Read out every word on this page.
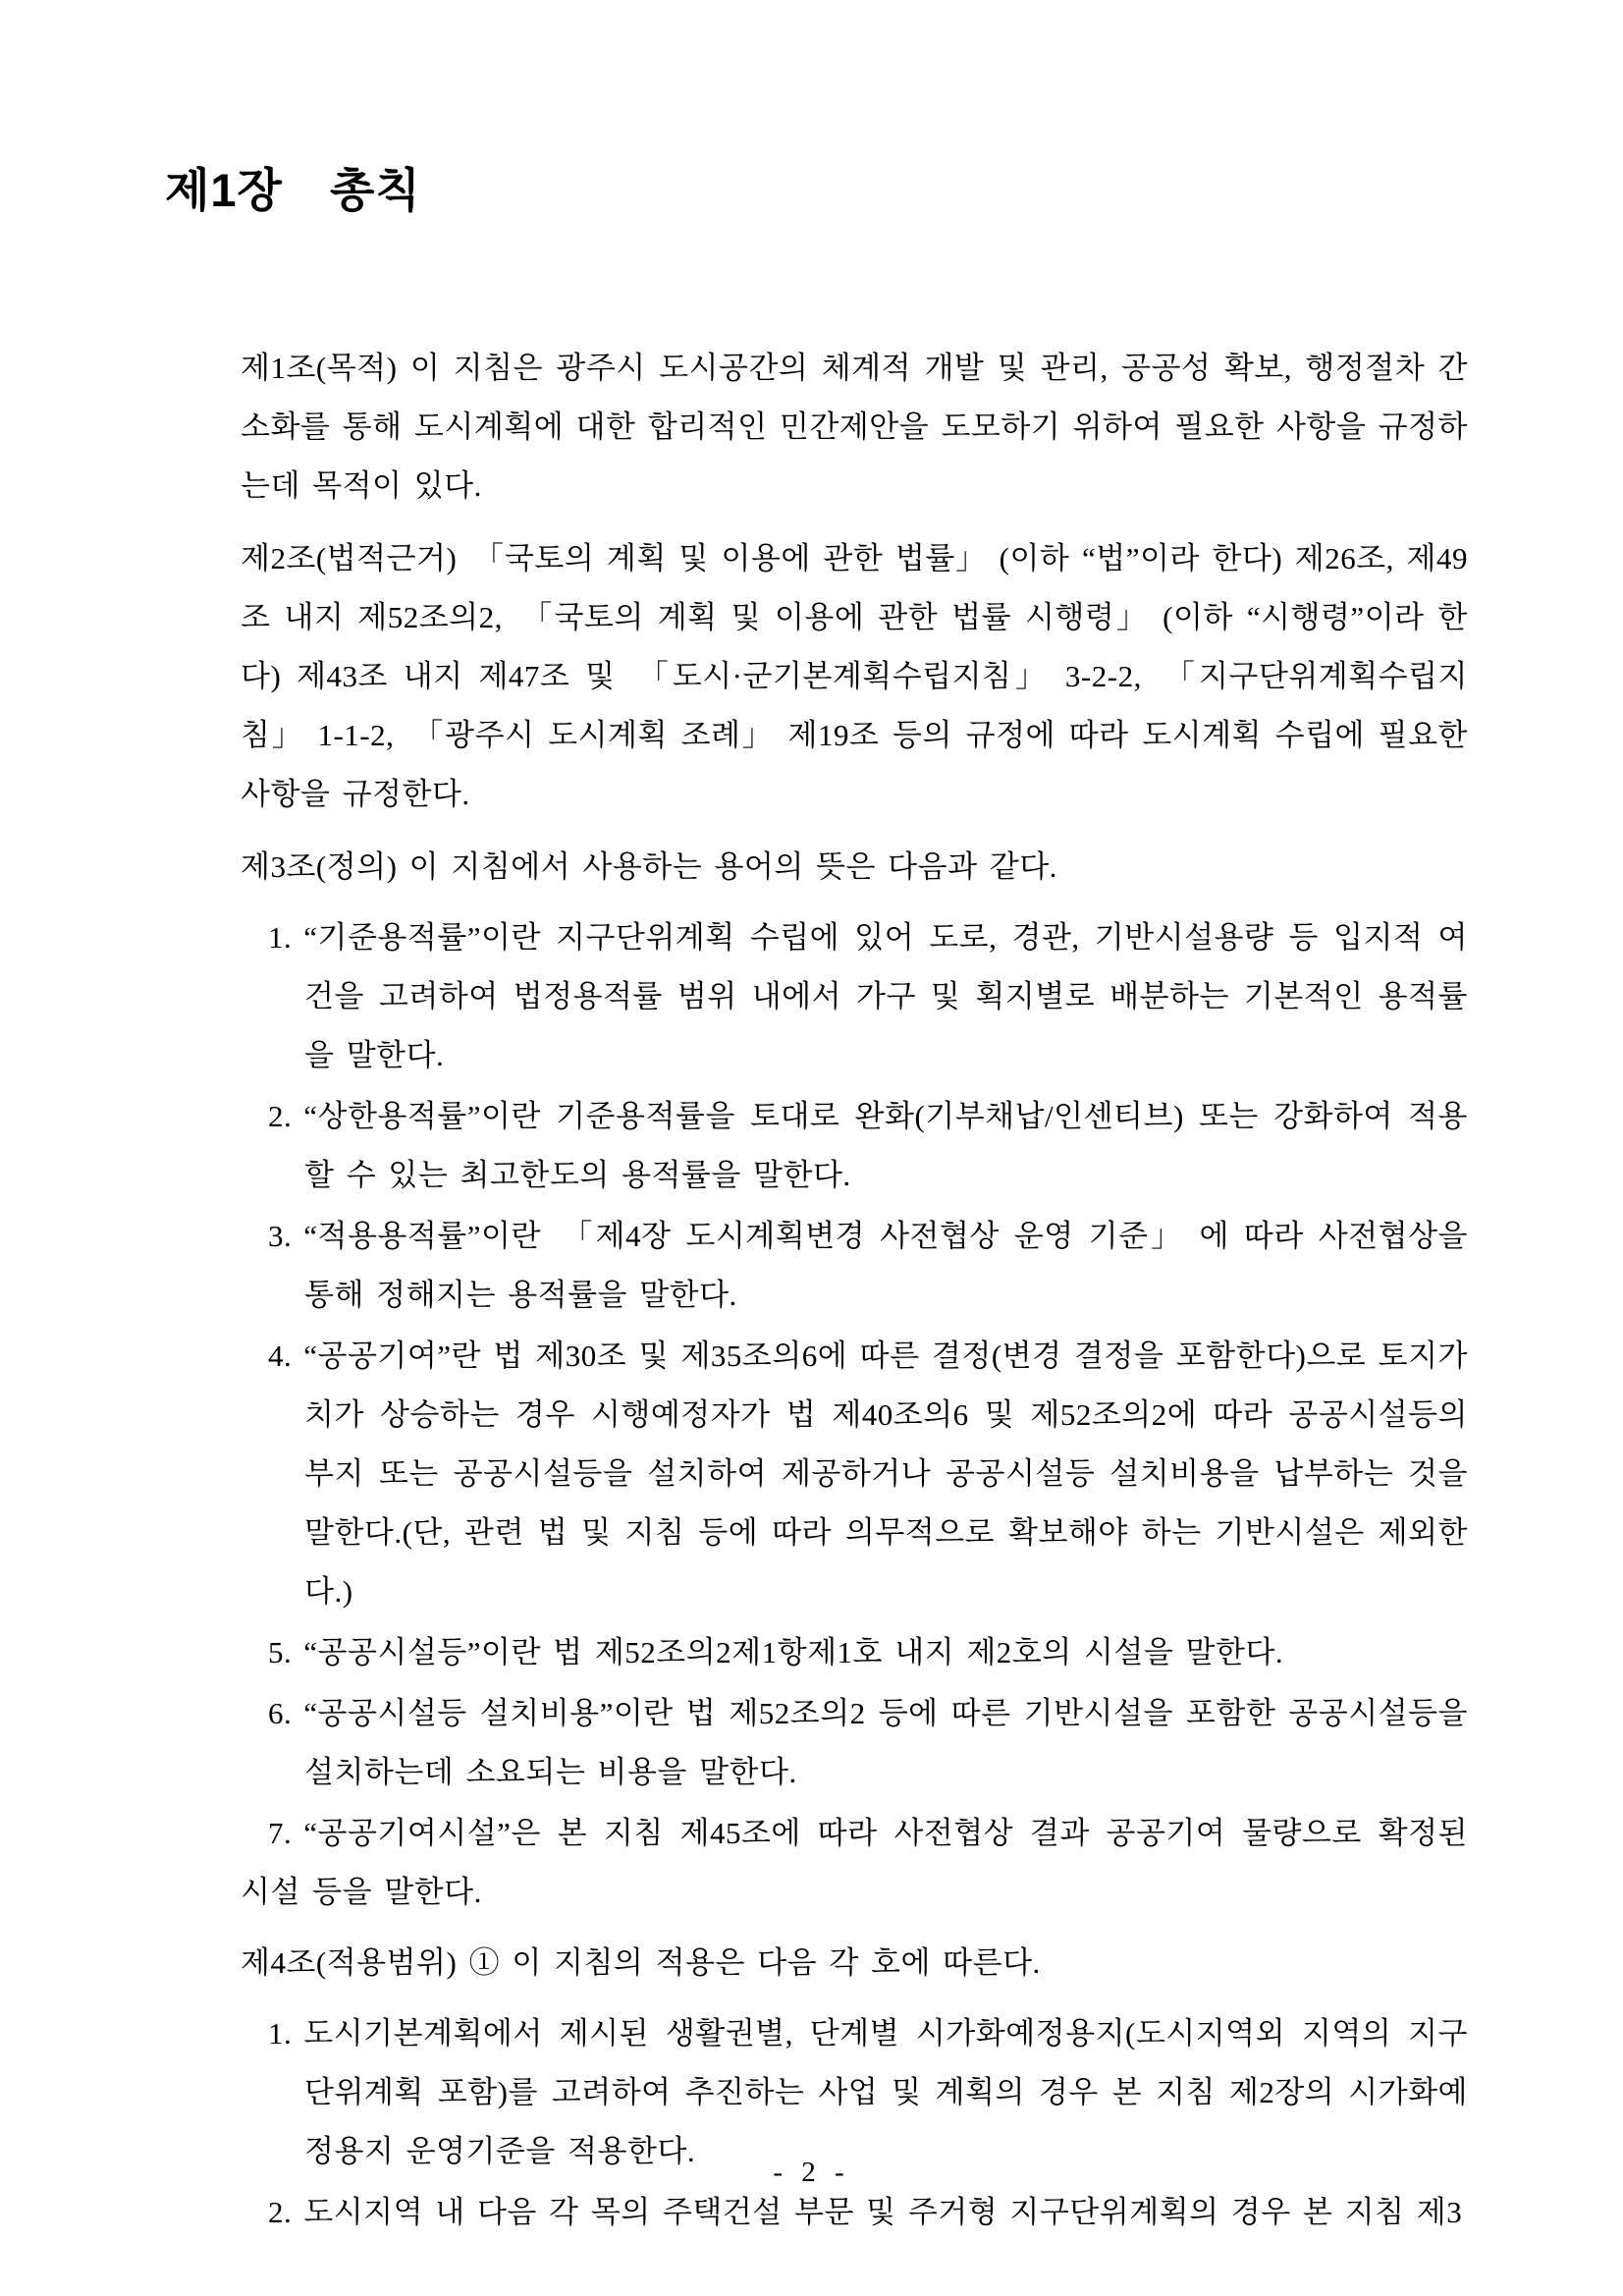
제1장　총칙

제1조(목적) 이 지침은 광주시 도시공간의 체계적 개발 및 관리, 공공성 확보, 행정절차 간소화를 통해 도시계획에 대한 합리적인 민간제안을 도모하기 위하여 필요한 사항을 규정하는데 목적이 있다.

제2조(법적근거)　「국토의 계획 및 이용에 관한 법률」 (이하 “법”이라 한다) 제26조, 제49조 내지 제52조의2,　「국토의 계획 및 이용에 관한 법률 시행령」 (이하 “시행령”이라 한다) 제43조 내지 제47조 및　「도시·군기본계획수립지침」 3-2-2,　「지구단위계획수립지침」 1-1-2,　「광주시 도시계획 조례」 제19조 등의 규정에 따라 도시계획 수립에 필요한 사항을 규정한다.

제3조(정의) 이 지침에서 사용하는 용어의 뜻은 다음과 같다.

1. “기준용적률”이란 지구단위계획 수립에 있어 도로, 경관, 기반시설용량 등 입지적 여건을 고려하여 법정용적률 범위 내에서 가구 및 획지별로 배분하는 기본적인 용적률을 말한다.
2. “상한용적률”이란 기준용적률을 토대로 완화(기부채납/인센티브) 또는 강화하여 적용할 수 있는 최고한도의 용적률을 말한다.
3. “적용용적률”이란　「제4장 도시계획변경 사전협상 운영 기준」 에 따라 사전협상을 통해 정해지는 용적률을 말한다.
4. “공공기여”란 법 제30조 및 제35조의6에 따른 결정(변경 결정을 포함한다)으로 토지가치가 상승하는 경우 시행예정자가 법 제40조의6 및 제52조의2에 따라 공공시설등의 부지 또는 공공시설등을 설치하여 제공하거나 공공시설등 설치비용을 납부하는 것을 말한다.(단, 관련 법 및 지침 등에 따라 의무적으로 확보해야 하는 기반시설은 제외한다.)
5. “공공시설등”이란 법 제52조의2제1항제1호 내지 제2호의 시설을 말한다.
6. “공공시설등 설치비용”이란 법 제52조의2 등에 따른 기반시설을 포함한 공공시설등을 설치하는데 소요되는 비용을 말한다.
7. “공공기여시설”은 본 지침 제45조에 따라 사전협상 결과 공공기여 물량으로 확정된 시설 등을 말한다.

제4조(적용범위) ① 이 지침의 적용은 다음 각 호에 따른다.

1. 도시기본계획에서 제시된 생활권별, 단계별 시가화예정용지(도시지역외 지역의 지구단위계획 포함)를 고려하여 추진하는 사업 및 계획의 경우 본 지침 제2장의 시가화예정용지 운영기준을 적용한다.
2. 도시지역 내 다음 각 목의 주택건설 부문 및 주거형 지구단위계획의 경우 본 지침 제3
- 2 -
